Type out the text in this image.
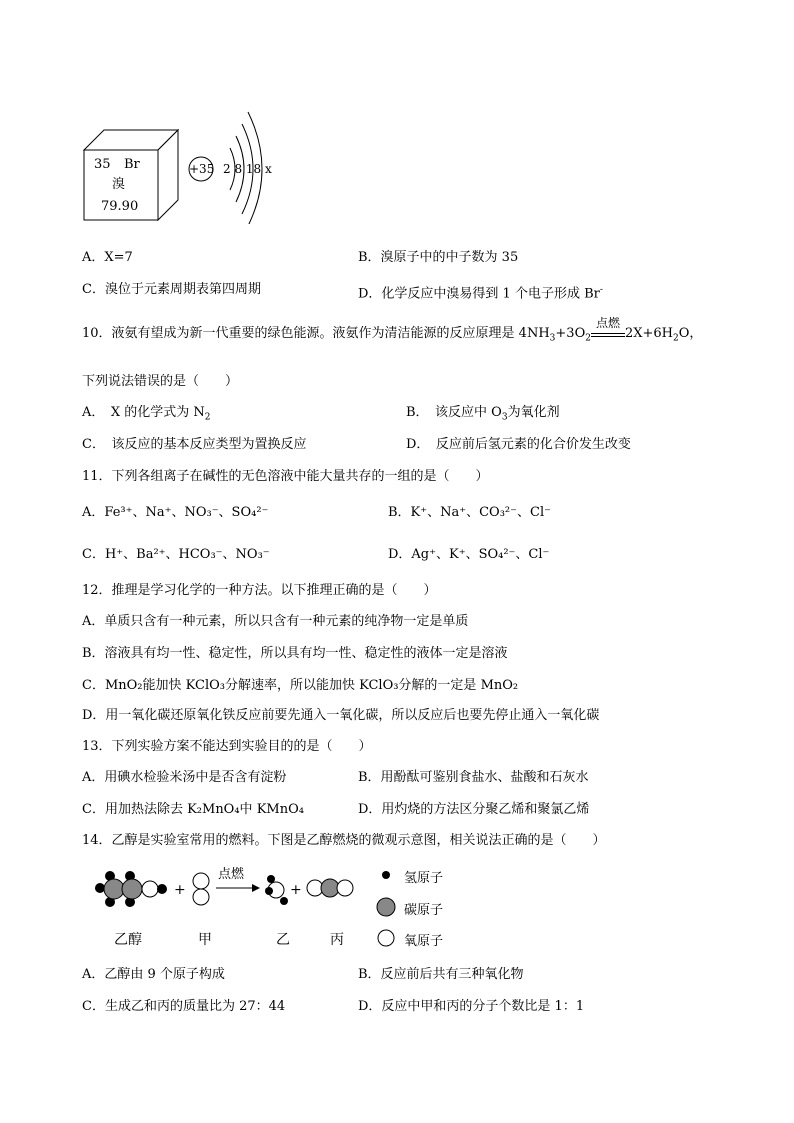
35 Br
溴
79.90
+35 2 8 18 x
A．X=7	B．溴原子中的中子数为 35
C．溴位于元素周期表第四周期	D．化学反应中溴易得到 1 个电子形成 Br-
10．液氨有望成为新一代重要的绿色能源。液氨作为清洁能源的反应原理是 $4NH_3+3O_2$
点燃
$2X+6H_2O$，
下列说法错误的是（　　）
A．　X 的化学式为 $N_2$	B．　该反应中 $O_3$为氧化剂
C．　该反应的基本反应类型为置换反应	D．　反应前后氢元素的化合价发生改变
11．下列各组离子在碱性的无色溶液中能大量共存的一组的是（　　）
A．Fe³⁺、Na⁺、NO₃⁻、SO₄²⁻	B．K⁺、Na⁺、CO₃²⁻、Cl⁻
C．H⁺、Ba²⁺、HCO₃⁻、NO₃⁻	D．Ag⁺、K⁺、SO₄²⁻、Cl⁻
12．推理是学习化学的一种方法。以下推理正确的是（　　）
A．单质只含有一种元素，所以只含有一种元素的纯净物一定是单质
B．溶液具有均一性、稳定性，所以具有均一性、稳定性的液体一定是溶液
C．MnO₂能加快 KClO₃分解速率，所以能加快 KClO₃分解的一定是 MnO₂
D．用一氧化碳还原氧化铁反应前要先通入一氧化碳，所以反应后也要先停止通入一氧化碳
13．下列实验方案不能达到实验目的的是（　　）
A．用碘水检验米汤中是否含有淀粉	B．用酚酞可鉴别食盐水、盐酸和石灰水
C．用加热法除去 K₂MnO₄中 KMnO₄	D．用灼烧的方法区分聚乙烯和聚氯乙烯
14．乙醇是实验室常用的燃料。下图是乙醇燃烧的微观示意图，相关说法正确的是（　　）
+	+
点燃	氢原子
碳原子
氧原子
乙醇	甲	乙	丙
A．乙醇由 9 个原子构成	B．反应前后共有三种氧化物
C．生成乙和丙的质量比为 27：44	D．反应中甲和丙的分子个数比是 1：1
